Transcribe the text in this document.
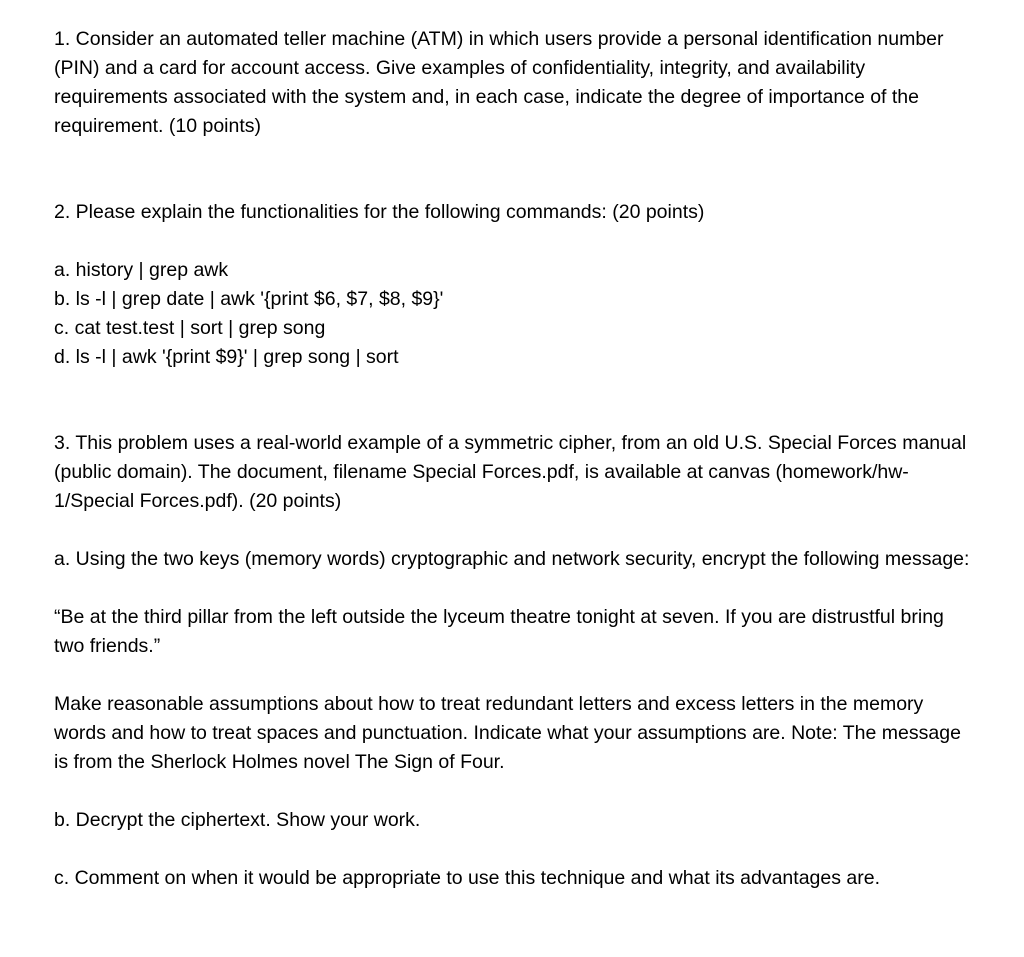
1. Consider an automated teller machine (ATM) in which users provide a personal identification number (PIN) and a card for account access. Give examples of confidentiality, integrity, and availability requirements associated with the system and, in each case, indicate the degree of importance of the requirement. (10 points)

2. Please explain the functionalities for the following commands: (20 points)

a. history | grep awk

b. ls -l | grep date | awk '{print $6, $7, $8, $9}'

c. cat test.test | sort | grep song

d. ls -l | awk '{print $9}' | grep song | sort

3. This problem uses a real-world example of a symmetric cipher, from an old U.S. Special Forces manual (public domain). The document, filename Special Forces.pdf, is available at canvas (homework/hw-1/Special Forces.pdf). (20 points)

a. Using the two keys (memory words) cryptographic and network security, encrypt the following message:

“Be at the third pillar from the left outside the lyceum theatre tonight at seven. If you are distrustful bring two friends.”

Make reasonable assumptions about how to treat redundant letters and excess letters in the memory words and how to treat spaces and punctuation. Indicate what your assumptions are. Note: The message is from the Sherlock Holmes novel The Sign of Four.

b. Decrypt the ciphertext. Show your work.

c. Comment on when it would be appropriate to use this technique and what its advantages are.
